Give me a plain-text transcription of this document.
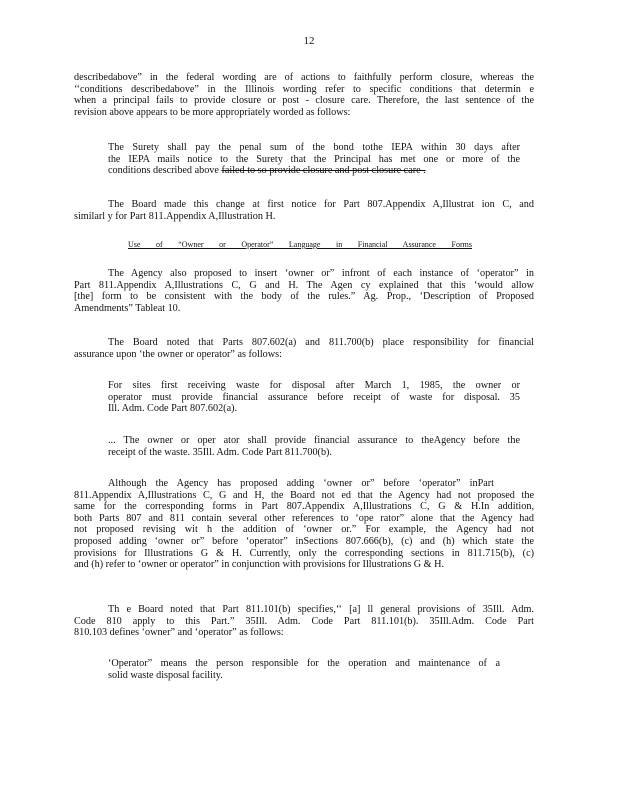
12
describedabove” in the federal wording are of actions to faithfully perform closure, whereas the
‘‘conditions describedabove” in the Illinois wording refer to specific conditions that determin e
when a principal fails to provide closure or post - closure care. Therefore, the last sentence of the
revision above appears to be more appropriately worded as follows:
The Surety shall pay the penal sum of the bond tothe IEPA within 30 days after
the IEPA mails notice to the Surety that the Principal has met one or more of the
conditions described above failed to so provide closure and post closure care .
The Board made this change at first notice for Part 807.Appendix A,Illustrat ion C, and
similarl y for Part 811.Appendix A,Illustration H.
Use of “Owner or Operator” Language in Financial Assurance Forms
The Agency also proposed to insert ‘owner or” infront of each instance of ‘operator” in
Part 811.Appendix A,Illustrations C, G and H. The Agen cy explained that this ‘would allow
[the] form to be consistent with the body of the rules.” Ag. Prop., ‘Description of Proposed
Amendments” Tableat 10.
The Board noted that Parts 807.602(a) and 811.700(b) place responsibility for financial
assurance upon ‘the owner or operator” as follows:
For sites first receiving waste for disposal after March 1, 1985, the owner or
operator must provide financial assurance before receipt of waste for disposal. 35
Ill. Adm. Code Part 807.602(a).
... The owner or oper ator shall provide financial assurance to theAgency before the
receipt of the waste. 35Ill. Adm. Code Part 811.700(b).
Although the Agency has proposed adding ‘owner or” before ‘operator” inPart
811.Appendix A,Illustrations C, G and H, the Board not ed that the Agency had not proposed the
same for the corresponding forms in Part 807.Appendix A,Illustrations C, G & H.In addition,
both Parts 807 and 811 contain several other references to ‘ope rator” alone that the Agency had
not proposed revising wit h the addition of ‘owner or.” For example, the Agency had not
proposed adding ‘owner or” before ‘operator” inSections 807.666(b), (c) and (h) which state the
provisions for Illustrations G & H. Currently, only the corresponding sections in 811.715(b), (c)
and (h) refer to ‘owner or operator” in conjunction with provisions for Illustrations G & H.
Th e Board noted that Part 811.101(b) specifies,‘‘ [a] ll general provisions of 35Ill. Adm.
Code 810 apply to this Part.” 35Ill. Adm. Code Part 811.101(b). 35Ill.Adm. Code Part
810.103 defines ‘owner” and ‘operator” as follows:
‘Operator” means the person responsible for the operation and maintenance of a
solid waste disposal facility.
